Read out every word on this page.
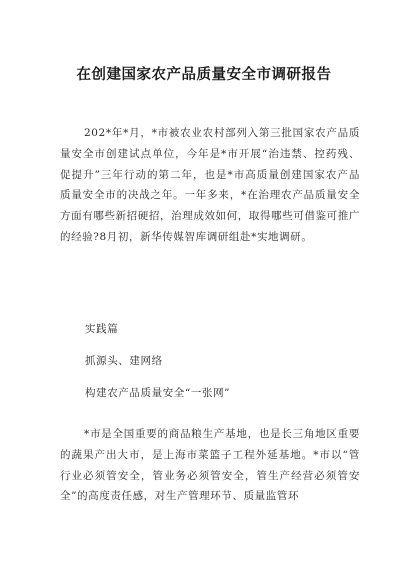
在创建国家农产品质量安全市调研报告

202*年*月，*市被农业农村部列入第三批国家农产品质量安全市创建试点单位，今年是*市开展“治违禁、控药残、促提升”三年行动的第二年，也是*市高质量创建国家农产品质量安全市的决战之年。一年多来，*在治理农产品质量安全方面有哪些新招硬招，治理成效如何，取得哪些可借鉴可推广的经验?8月初，新华传媒智库调研组赴*实地调研。

实践篇
抓源头、建网络
构建农产品质量安全“一张网”

*市是全国重要的商品粮生产基地，也是长三角地区重要的蔬果产出大市，是上海市菜篮子工程外延基地。*市以“管行业必须管安全，管业务必须管安全，管生产经营必须管安全”的高度责任感，对生产管理环节、质量监管环
